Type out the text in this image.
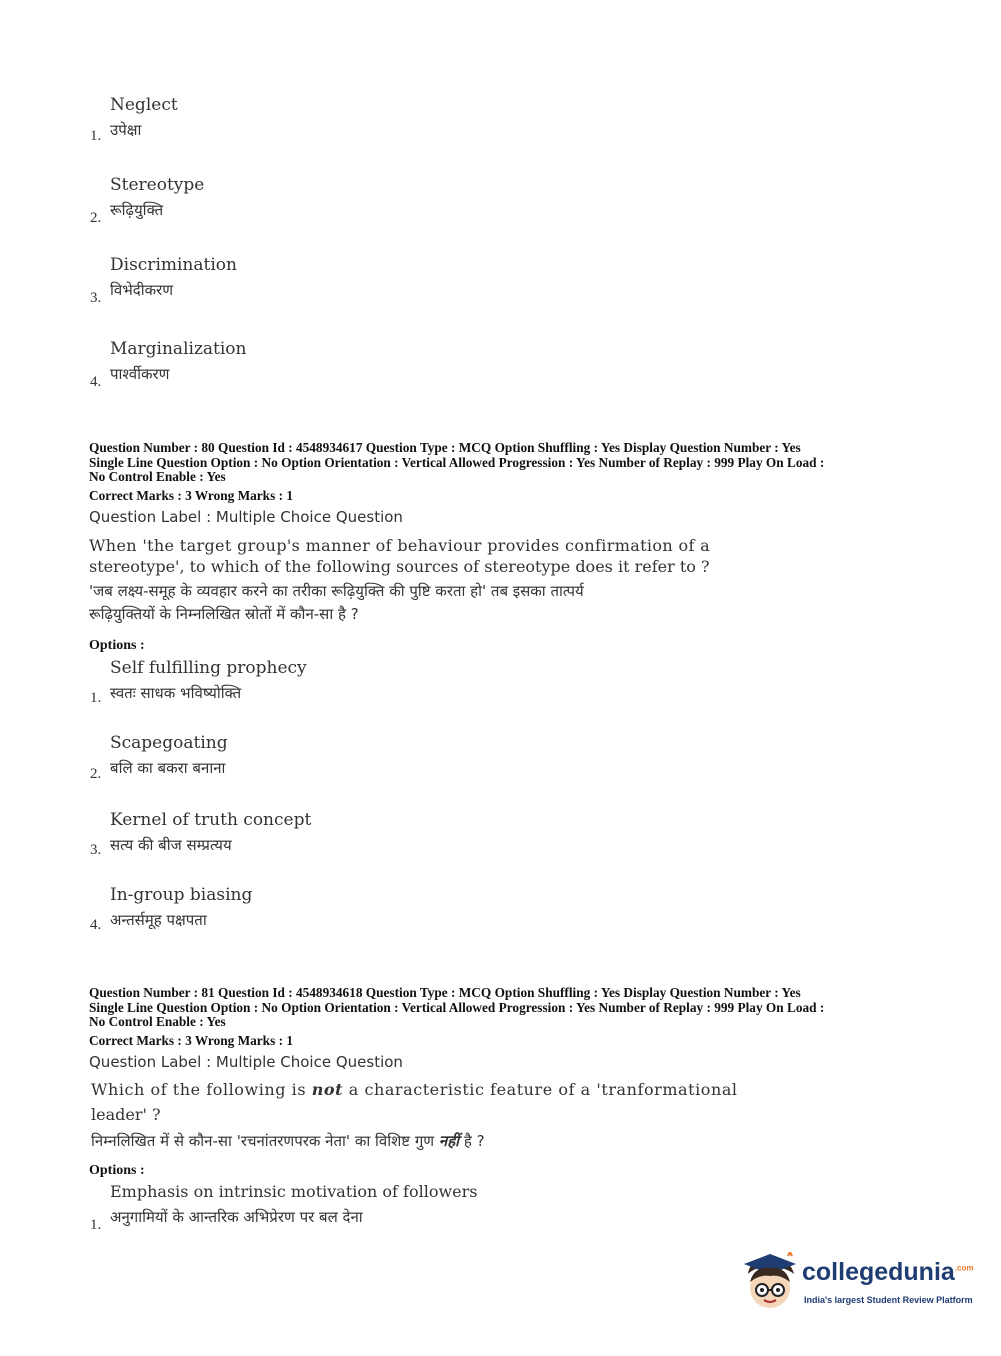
Neglect
उपेक्षा
1.
Stereotype
रूढ़ियुक्ति
2.
Discrimination
विभेदीकरण
3.
Marginalization
पार्श्वीकरण
4.
Question Number : 80 Question Id : 4548934617 Question Type : MCQ Option Shuffling : Yes Display Question Number : Yes
Single Line Question Option : No Option Orientation : Vertical Allowed Progression : Yes Number of Replay : 999 Play On Load :
No Control Enable : Yes
Correct Marks : 3 Wrong Marks : 1
Question Label : Multiple Choice Question
When 'the target group's manner of behaviour provides confirmation of a
stereotype', to which of the following sources of stereotype does it refer to ?
'जब लक्ष्य-समूह के व्यवहार करने का तरीका रूढ़ियुक्ति की पुष्टि करता हो' तब इसका तात्पर्य
रूढ़ियुक्तियों के निम्नलिखित स्रोतों में कौन-सा है ?
Options :
Self fulfilling prophecy
स्वतः साधक भविष्योक्ति
1.
Scapegoating
बलि का बकरा बनाना
2.
Kernel of truth concept
सत्य की बीज सम्प्रत्यय
3.
In-group biasing
अन्तर्समूह पक्षपता
4.
Question Number : 81 Question Id : 4548934618 Question Type : MCQ Option Shuffling : Yes Display Question Number : Yes
Single Line Question Option : No Option Orientation : Vertical Allowed Progression : Yes Number of Replay : 999 Play On Load :
No Control Enable : Yes
Correct Marks : 3 Wrong Marks : 1
Question Label : Multiple Choice Question
Which of the following is not a characteristic feature of a 'tranformational
leader' ?
निम्नलिखित में से कौन-सा 'रचनांतरणपरक नेता' का विशिष्ट गुण नहीं है ?
Options :
Emphasis on intrinsic motivation of followers
अनुगामियों के आन्तरिक अभिप्रेरण पर बल देना
1.
collegedunia$^{.com}$
India's largest Student Review Platform
